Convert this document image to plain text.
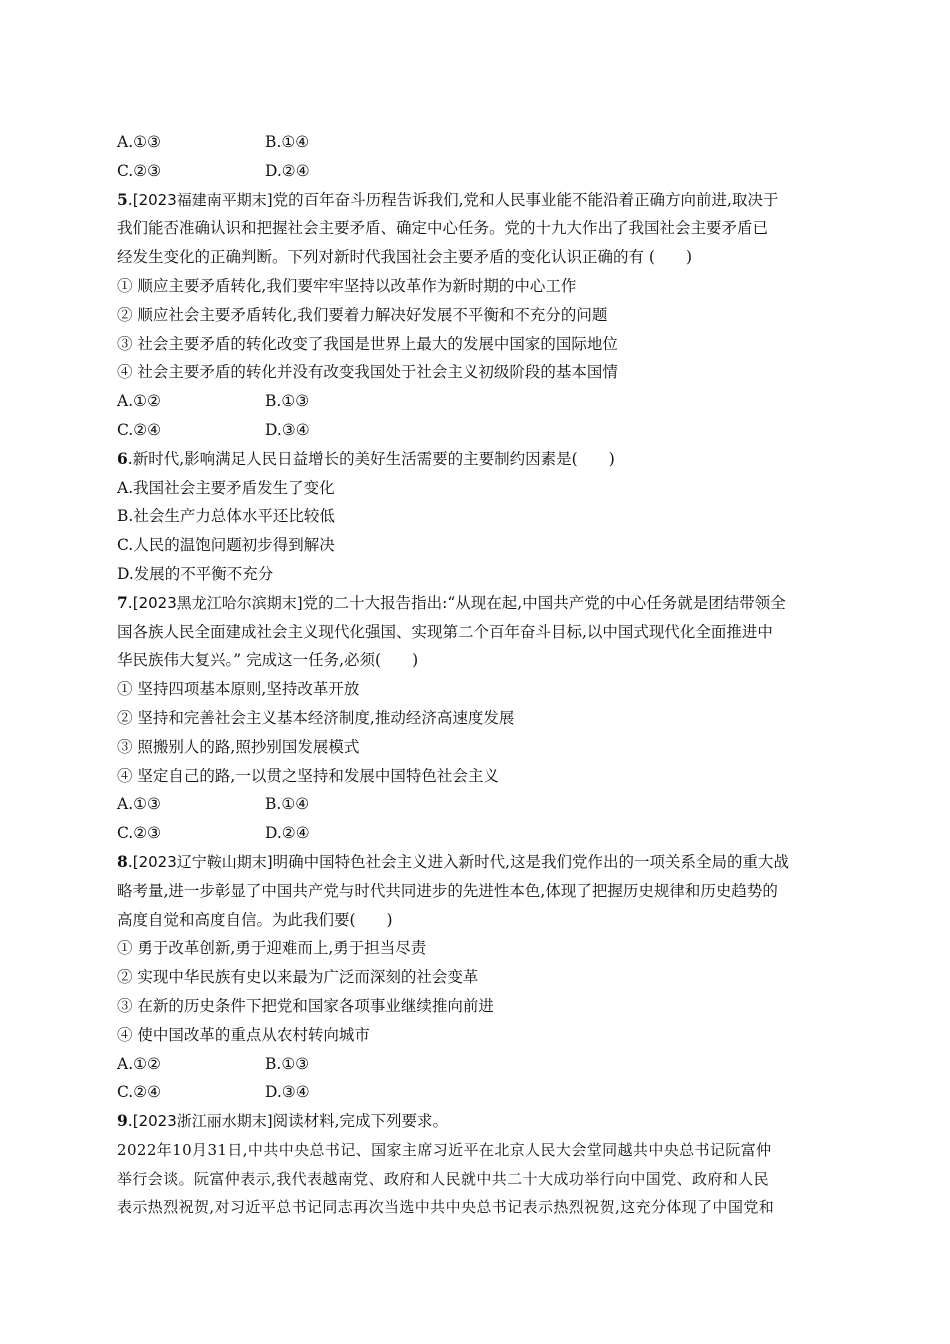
A.①③	B.①④
C.②③	D.②④
5.[2023福建南平期末]党的百年奋斗历程告诉我们,党和人民事业能不能沿着正确方向前进,取决于
我们能否准确认识和把握社会主要矛盾、确定中心任务。党的十九大作出了我国社会主要矛盾已
经发生变化的正确判断。下列对新时代我国社会主要矛盾的变化认识正确的有 (　　)
① 顺应主要矛盾转化,我们要牢牢坚持以改革作为新时期的中心工作
② 顺应社会主要矛盾转化,我们要着力解决好发展不平衡和不充分的问题
③ 社会主要矛盾的转化改变了我国是世界上最大的发展中国家的国际地位
④ 社会主要矛盾的转化并没有改变我国处于社会主义初级阶段的基本国情
A.①②	B.①③
C.②④	D.③④
6.新时代,影响满足人民日益增长的美好生活需要的主要制约因素是(　　)
A.我国社会主要矛盾发生了变化
B.社会生产力总体水平还比较低
C.人民的温饱问题初步得到解决
D.发展的不平衡不充分
7.[2023黑龙江哈尔滨期末]党的二十大报告指出:“从现在起,中国共产党的中心任务就是团结带领全
国各族人民全面建成社会主义现代化强国、实现第二个百年奋斗目标,以中国式现代化全面推进中
华民族伟大复兴。” 完成这一任务,必须(　　)
① 坚持四项基本原则,坚持改革开放
② 坚持和完善社会主义基本经济制度,推动经济高速度发展
③ 照搬别人的路,照抄别国发展模式
④ 坚定自己的路,一以贯之坚持和发展中国特色社会主义
A.①③	B.①④
C.②③	D.②④
8.[2023辽宁鞍山期末]明确中国特色社会主义进入新时代,这是我们党作出的一项关系全局的重大战
略考量,进一步彰显了中国共产党与时代共同进步的先进性本色,体现了把握历史规律和历史趋势的
高度自觉和高度自信。为此我们要(　　)
① 勇于改革创新,勇于迎难而上,勇于担当尽责
② 实现中华民族有史以来最为广泛而深刻的社会变革
③ 在新的历史条件下把党和国家各项事业继续推向前进
④ 使中国改革的重点从农村转向城市
A.①②	B.①③
C.②④	D.③④
9.[2023浙江丽水期末]阅读材料,完成下列要求。
2022年10月31日,中共中央总书记、国家主席习近平在北京人民大会堂同越共中央总书记阮富仲
举行会谈。阮富仲表示,我代表越南党、政府和人民就中共二十大成功举行向中国党、政府和人民
表示热烈祝贺,对习近平总书记同志再次当选中共中央总书记表示热烈祝贺,这充分体现了中国党和
